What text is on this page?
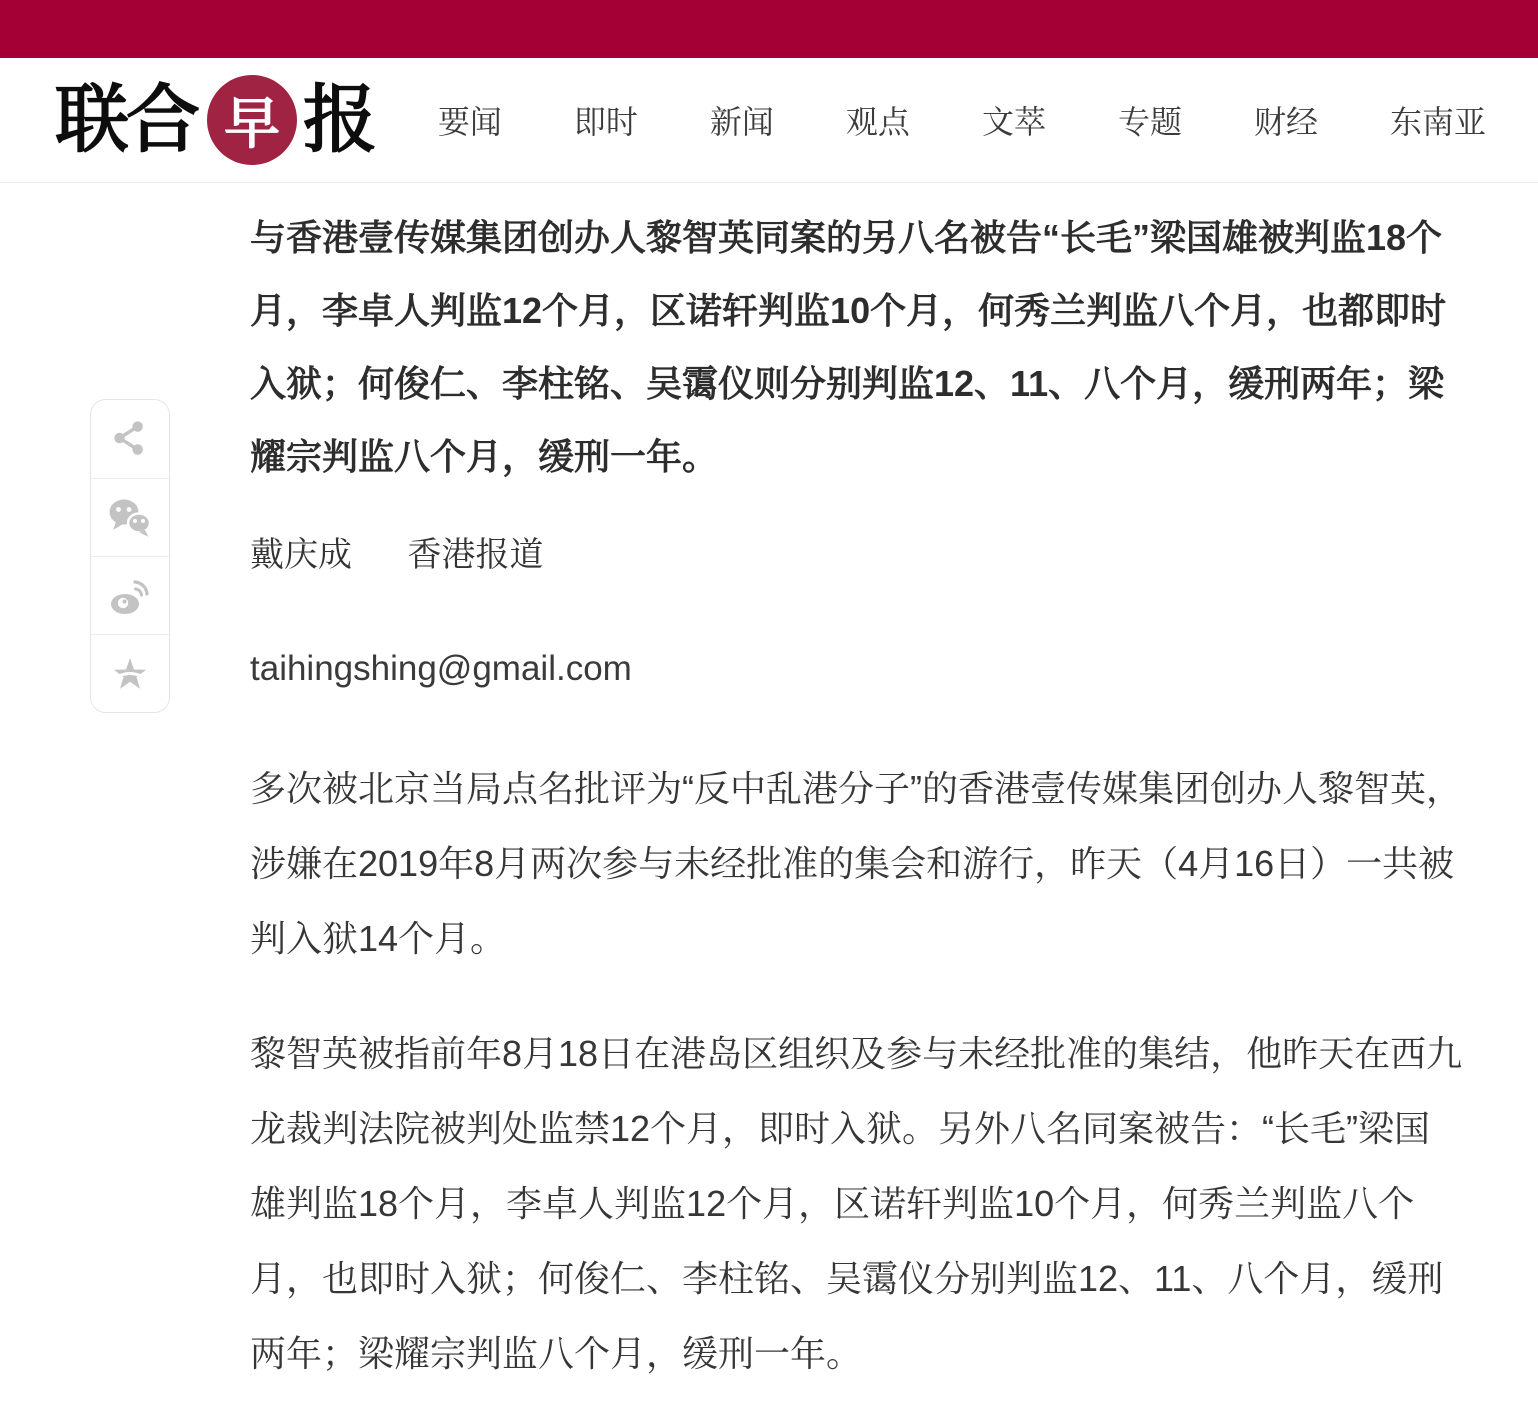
联合 早 报 要闻 即时 新闻 观点 文萃 专题 财经 东南亚

与香港壹传媒集团创办人黎智英同案的另八名被告“长毛”梁国雄被判监18个月，李卓人判监12个月，区诺轩判监10个月，何秀兰判监八个月，也都即时入狱；何俊仁、李柱铭、吴霭仪则分别判监12、11、八个月，缓刑两年；梁耀宗判监八个月，缓刑一年。

戴庆成 香港报道
taihingshing@gmail.com

多次被北京当局点名批评为“反中乱港分子”的香港壹传媒集团创办人黎智英，涉嫌在2019年8月两次参与未经批准的集会和游行，昨天（4月16日）一共被判入狱14个月。

黎智英被指前年8月18日在港岛区组织及参与未经批准的集结，他昨天在西九龙裁判法院被判处监禁12个月，即时入狱。另外八名同案被告：“长毛”梁国雄判监18个月，李卓人判监12个月，区诺轩判监10个月，何秀兰判监八个月，也即时入狱；何俊仁、李柱铭、吴霭仪分别判监12、11、八个月，缓刑两年；梁耀宗判监八个月，缓刑一年。
